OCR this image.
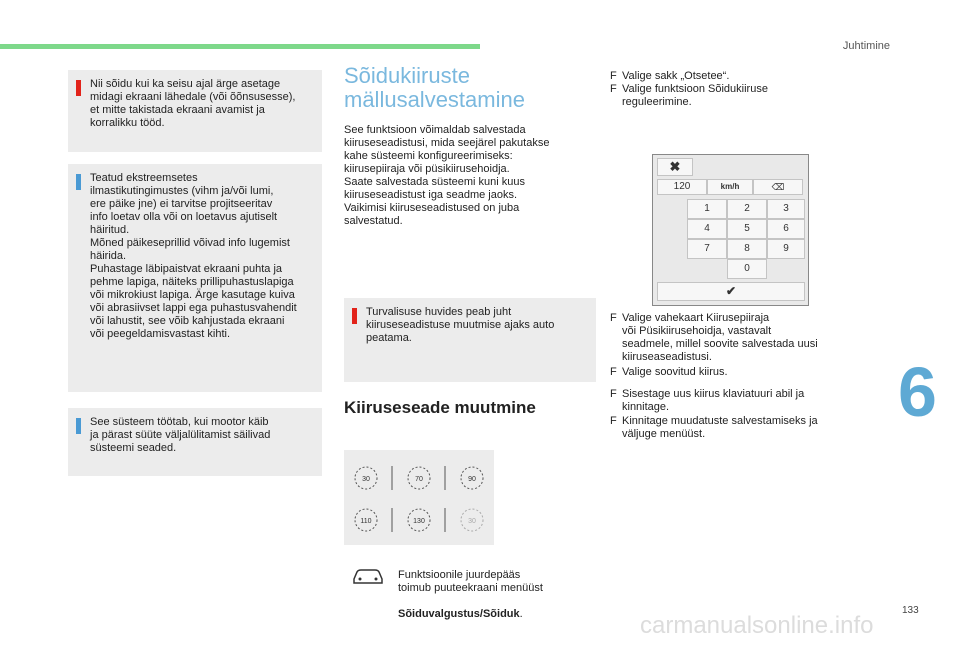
Juhtimine

Nii sõidu kui ka seisu ajal ärge asetage
midagi ekraani lähedale (või õõnsusesse),
et mitte takistada ekraani avamist ja
korralikku tööd.

Teatud ekstreemsetes
ilmastikutingimustes (vihm ja/või lumi,
ere päike jne) ei tarvitse projitseeritav
info loetav olla või on loetavus ajutiselt
häiritud.
Mõned päikeseprillid võivad info lugemist
häirida.
Puhastage läbipaistvat ekraani puhta ja
pehme lapiga, näiteks prillipuhastuslapiga
või mikrokiust lapiga. Ärge kasutage kuiva
või abrasiivset lappi ega puhastusvahendit
või lahustit, see võib kahjustada ekraani
või peegeldamisvastast kihti.

See süsteem töötab, kui mootor käib
ja pärast süüte väljalülitamist säilivad
süsteemi seaded.

Sõidukiiruste
mällusalvestamine
See funktsioon võimaldab salvestada
kiiruseseadistusi, mida seejärel pakutakse
kahe süsteemi konfigureerimiseks:
kiirusepiiraja või püsikiirusehoidja.
Saate salvestada süsteemi kuni kuus
kiiruseseadistust iga seadme jaoks.
Vaikimisi kiiruseseadistused on juba
salvestatud.

Turvalisuse huvides peab juht
kiiruseseadistuse muutmise ajaks auto
peatama.

Kiiruseseade muutmine
30	70	90
110	130	30

Funktsioonile juurdepääs
toimub puuteekraani menüüst

Sõiduvalgustus/Sõiduk.

F Valige sakk „Otsetee“.

F Valige funktsioon Sõidukiiruse
reguleerimine.

✖
120	km/h	⌫
1	2	3
4	5	6
7	8	9
0
✔

F Valige vahekaart Kiirusepiiraja
või Püsikiirusehoidja, vastavalt
seadmele, millel soovite salvestada uusi
kiiruseaseadistusi.

F Valige soovitud kiirus.

F Sisestage uus kiirus klaviatuuri abil ja
kinnitage.

F Kinnitage muudatuste salvestamiseks ja
väljuge menüüst.

6
133
carmanualsonline.info
